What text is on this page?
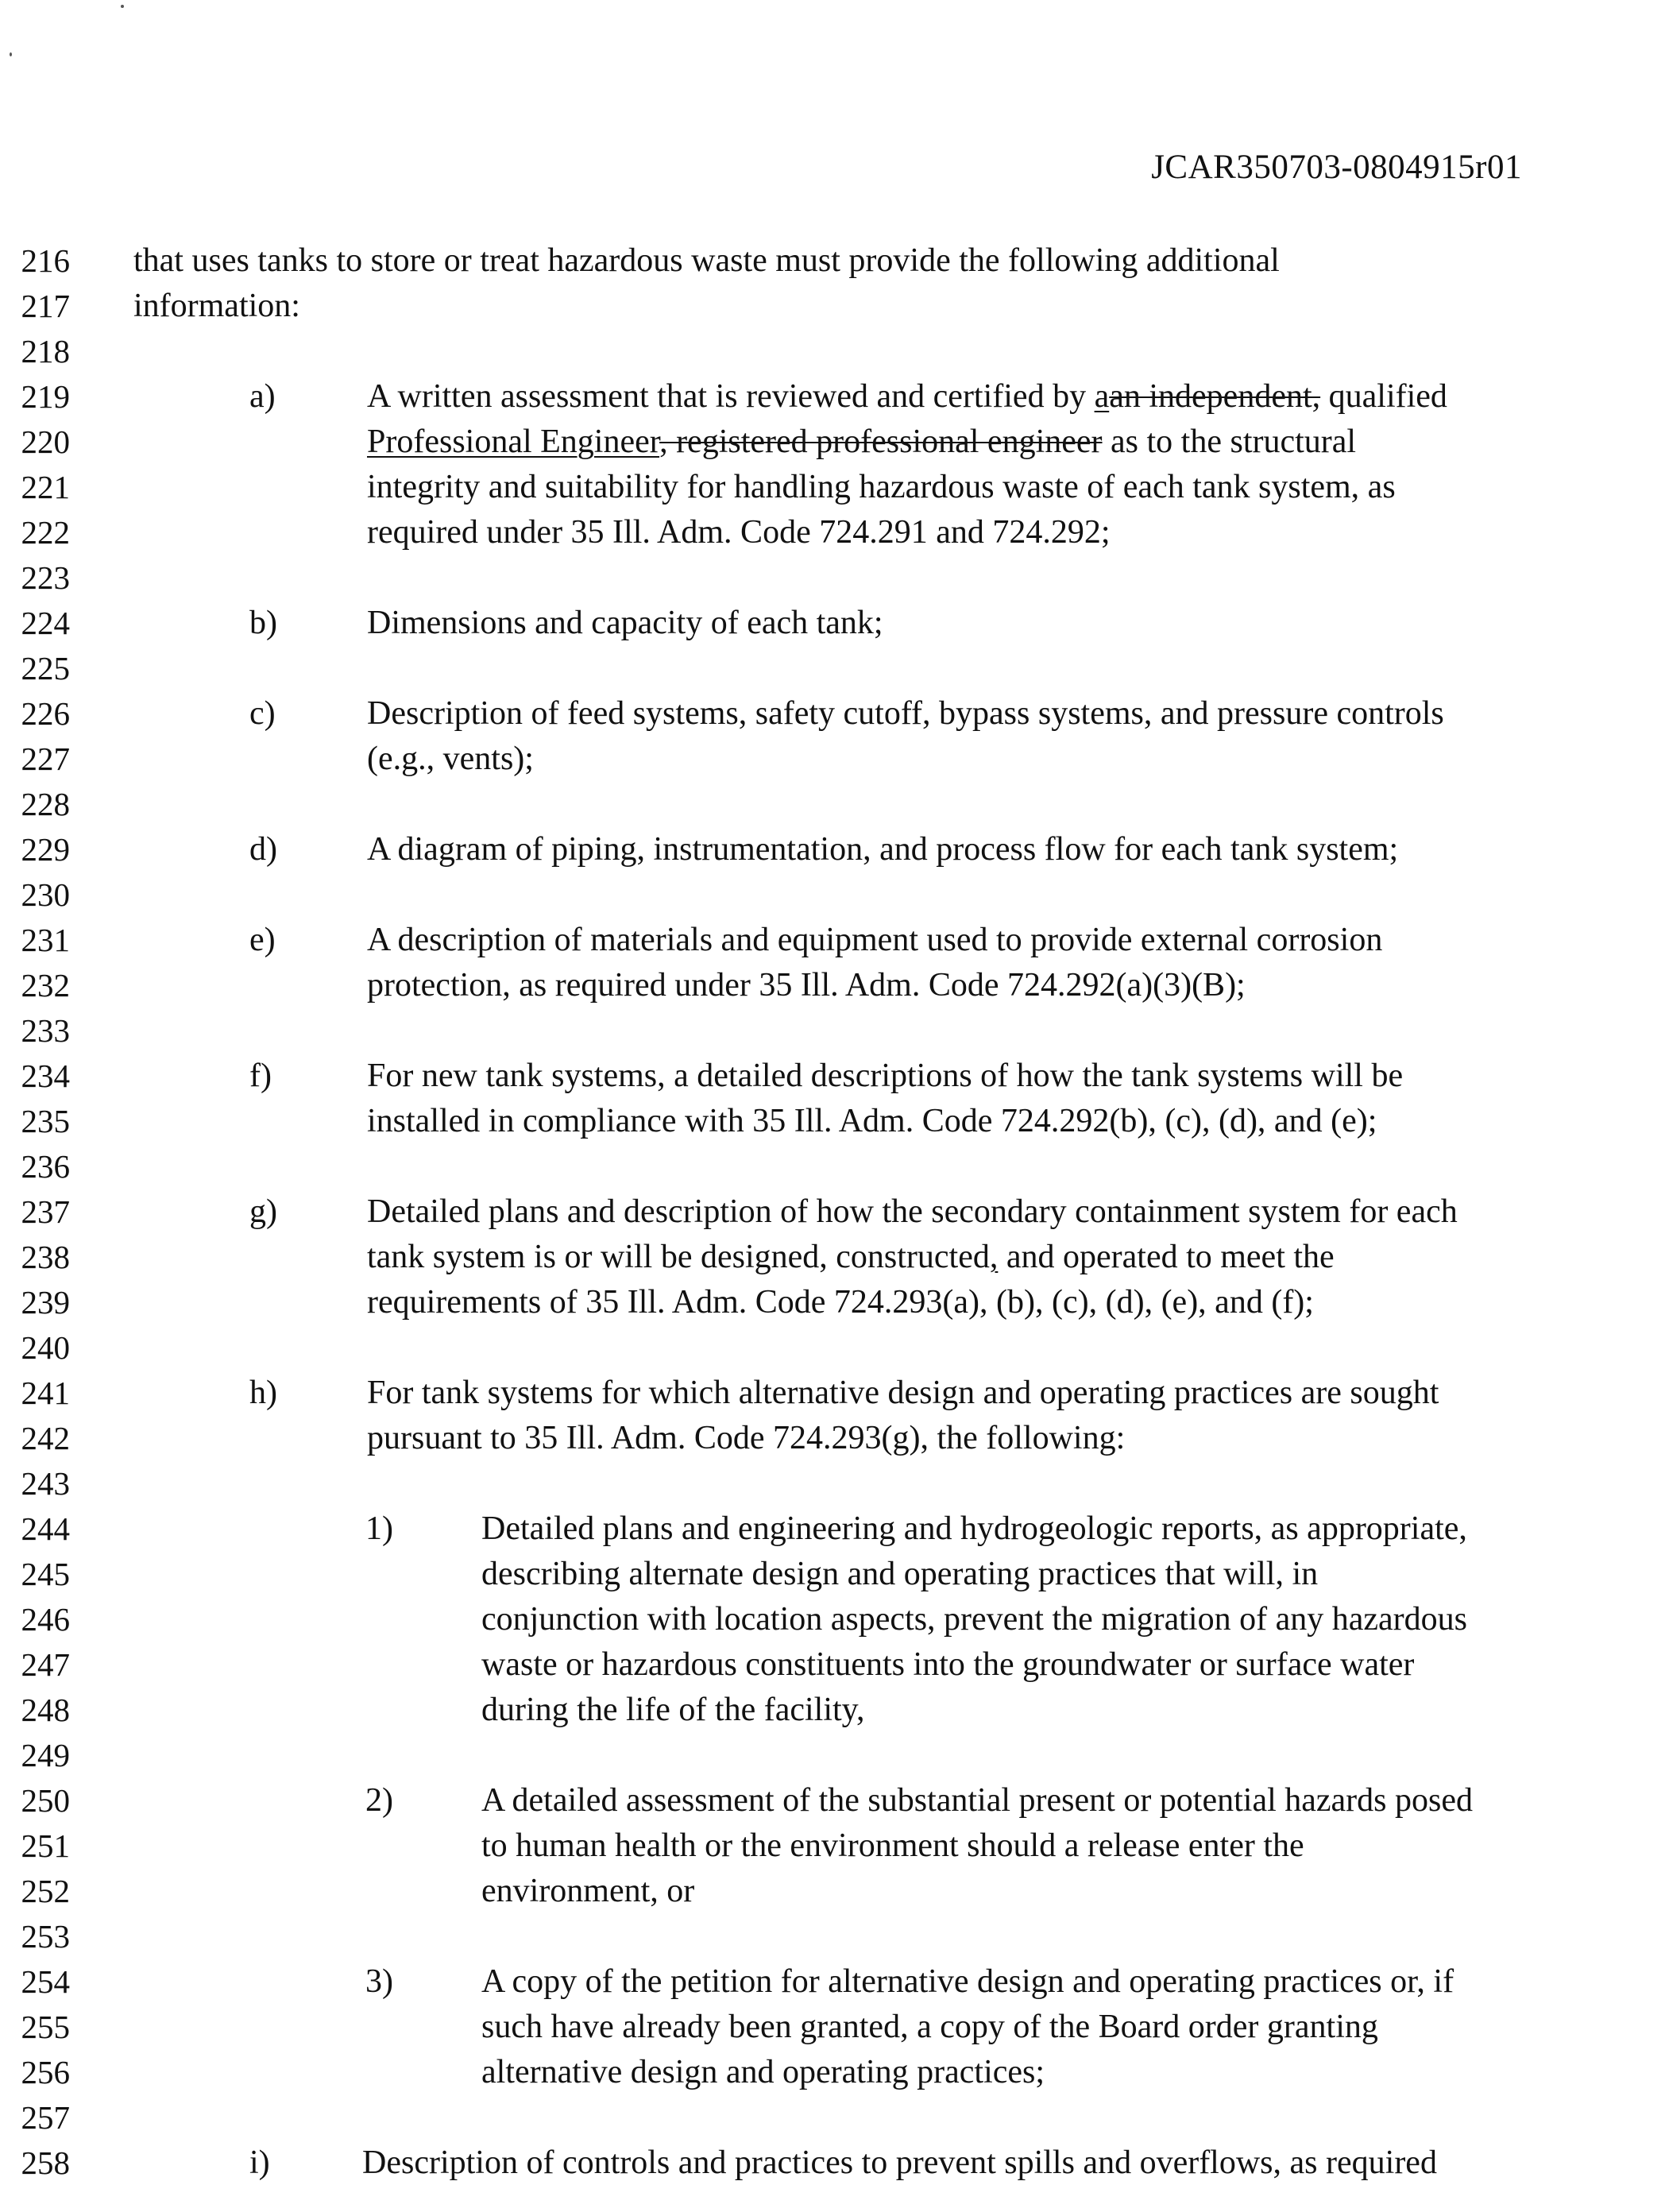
JCAR350703-0804915r01
216
217
218
219
220
221
222
223
224
225
226
227
228
229
230
231
232
233
234
235
236
237
238
239
240
241
242
243
244
245
246
247
248
249
250
251
252
253
254
255
256
257
258
that uses tanks to store or treat hazardous waste must provide the following additional
information:
a)	A written assessment that is reviewed and certified by aan independent, qualified
Professional Engineer, registered professional engineer as to the structural
integrity and suitability for handling hazardous waste of each tank system, as
required under 35 Ill. Adm. Code 724.291 and 724.292;
b)	Dimensions and capacity of each tank;
c)	Description of feed systems, safety cutoff, bypass systems, and pressure controls
(e.g., vents);
d)	A diagram of piping, instrumentation, and process flow for each tank system;
e)	A description of materials and equipment used to provide external corrosion
protection, as required under 35 Ill. Adm. Code 724.292(a)(3)(B);
f)	For new tank systems, a detailed descriptions of how the tank systems will be
installed in compliance with 35 Ill. Adm. Code 724.292(b), (c), (d), and (e);
g)	Detailed plans and description of how the secondary containment system for each
tank system is or will be designed, constructed, and operated to meet the
requirements of 35 Ill. Adm. Code 724.293(a), (b), (c), (d), (e), and (f);
h)	For tank systems for which alternative design and operating practices are sought
pursuant to 35 Ill. Adm. Code 724.293(g), the following:
1)	Detailed plans and engineering and hydrogeologic reports, as appropriate,
describing alternate design and operating practices that will, in
conjunction with location aspects, prevent the migration of any hazardous
waste or hazardous constituents into the groundwater or surface water
during the life of the facility,
2)	A detailed assessment of the substantial present or potential hazards posed
to human health or the environment should a release enter the
environment, or
3)	A copy of the petition for alternative design and operating practices or, if
such have already been granted, a copy of the Board order granting
alternative design and operating practices;
i)	Description of controls and practices to prevent spills and overflows, as required
